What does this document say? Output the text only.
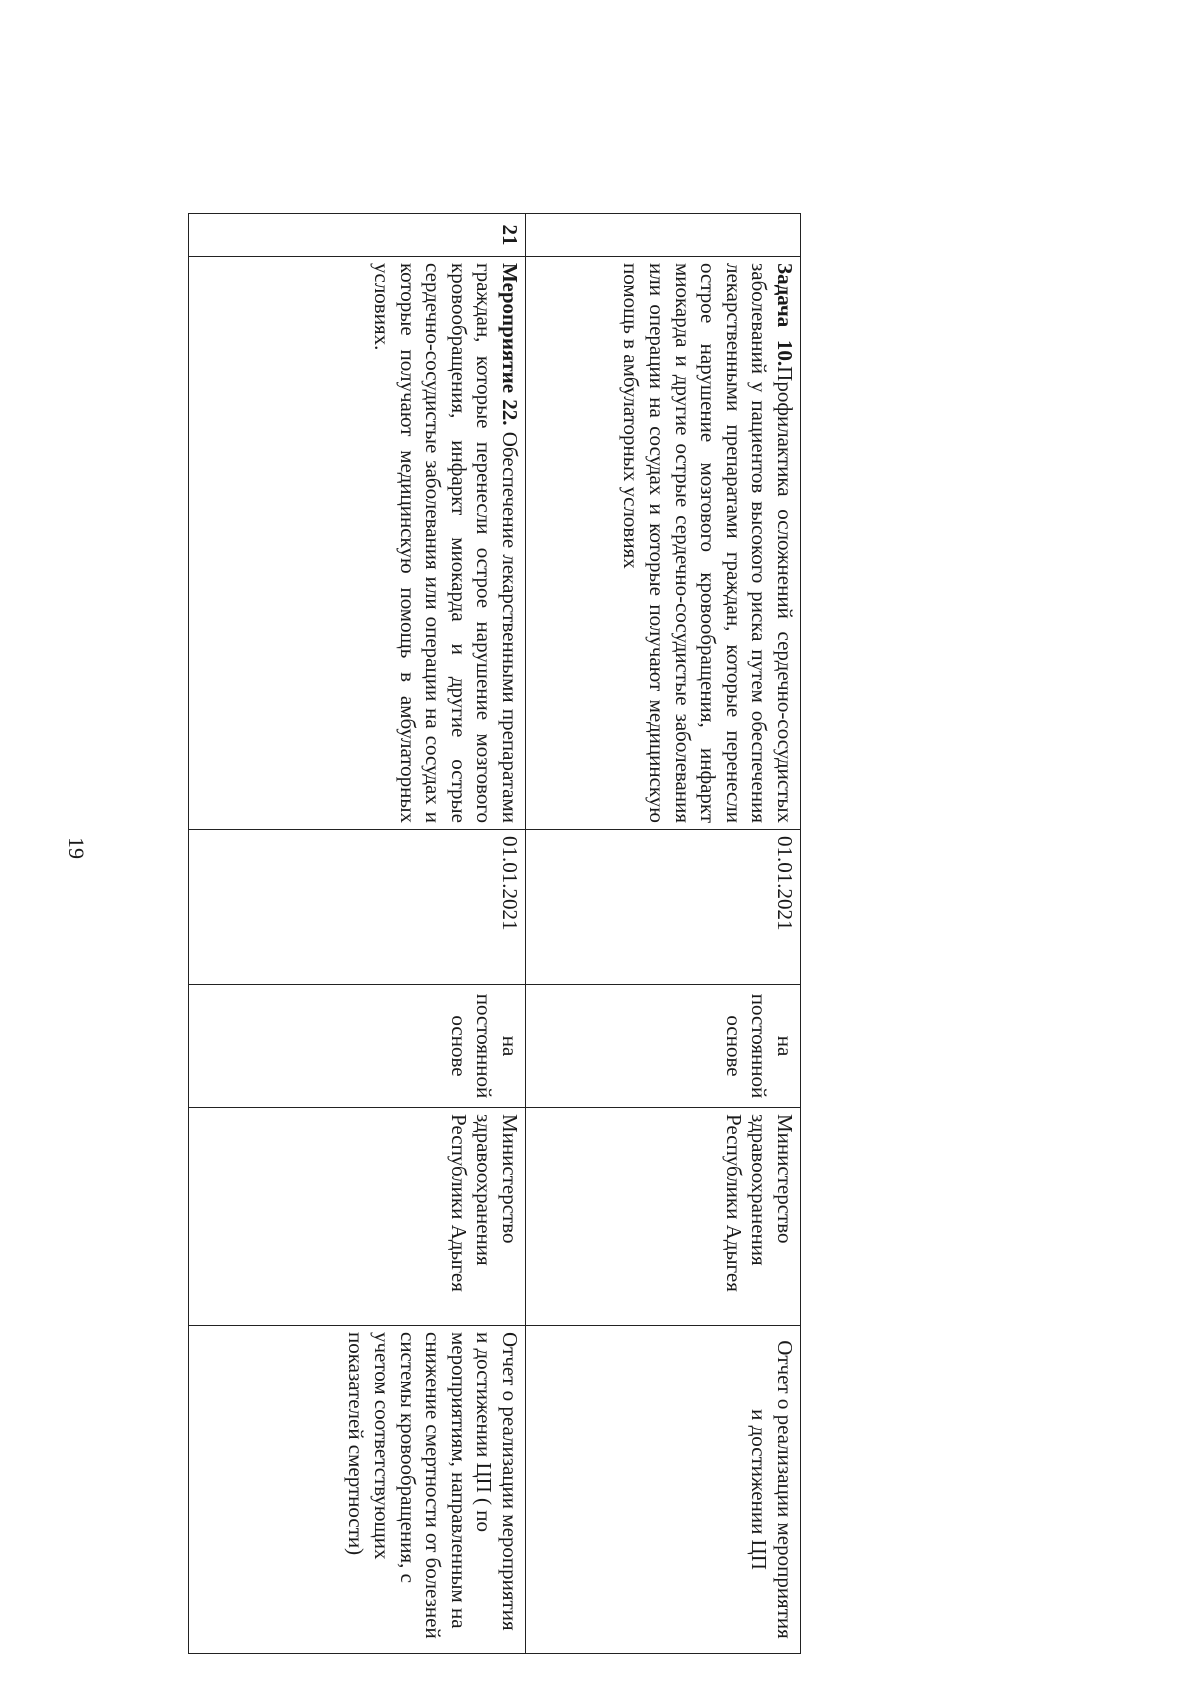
19
	Задача 10.Профилактика осложнений сердечно-сосудистых заболеваний у пациентов высокого риска путем обеспечения лекарственными препаратами граждан, которые перенесли острое нарушение мозгового кровообращения, инфаркт миокарда и другие острые сердечно-сосудистые заболевания или операции на сосудах и которые получают медицинскую помощь в амбулаторных условиях	01.01.2021	на постоянной основе	Министерство здравоохранения Республики Адыгея	Отчет о реализации мероприятия и достижении ЦП
21	Мероприятие 22. Обеспечение лекарственными препаратами граждан, которые перенесли острое нарушение мозгового кровообращения, инфаркт миокарда и другие острые сердечно-сосудистые заболевания или операции на сосудах и которые получают медицинскую помощь в амбулаторных условиях.	01.01.2021	на постоянной основе	Министерство здравоохранения Республики Адыгея	Отчет о реализации мероприятия и достижении ЦП ( по мероприятиям, направленным на снижение смертности от болезней системы кровообращения, с учетом соответствующих показателей смертности)
